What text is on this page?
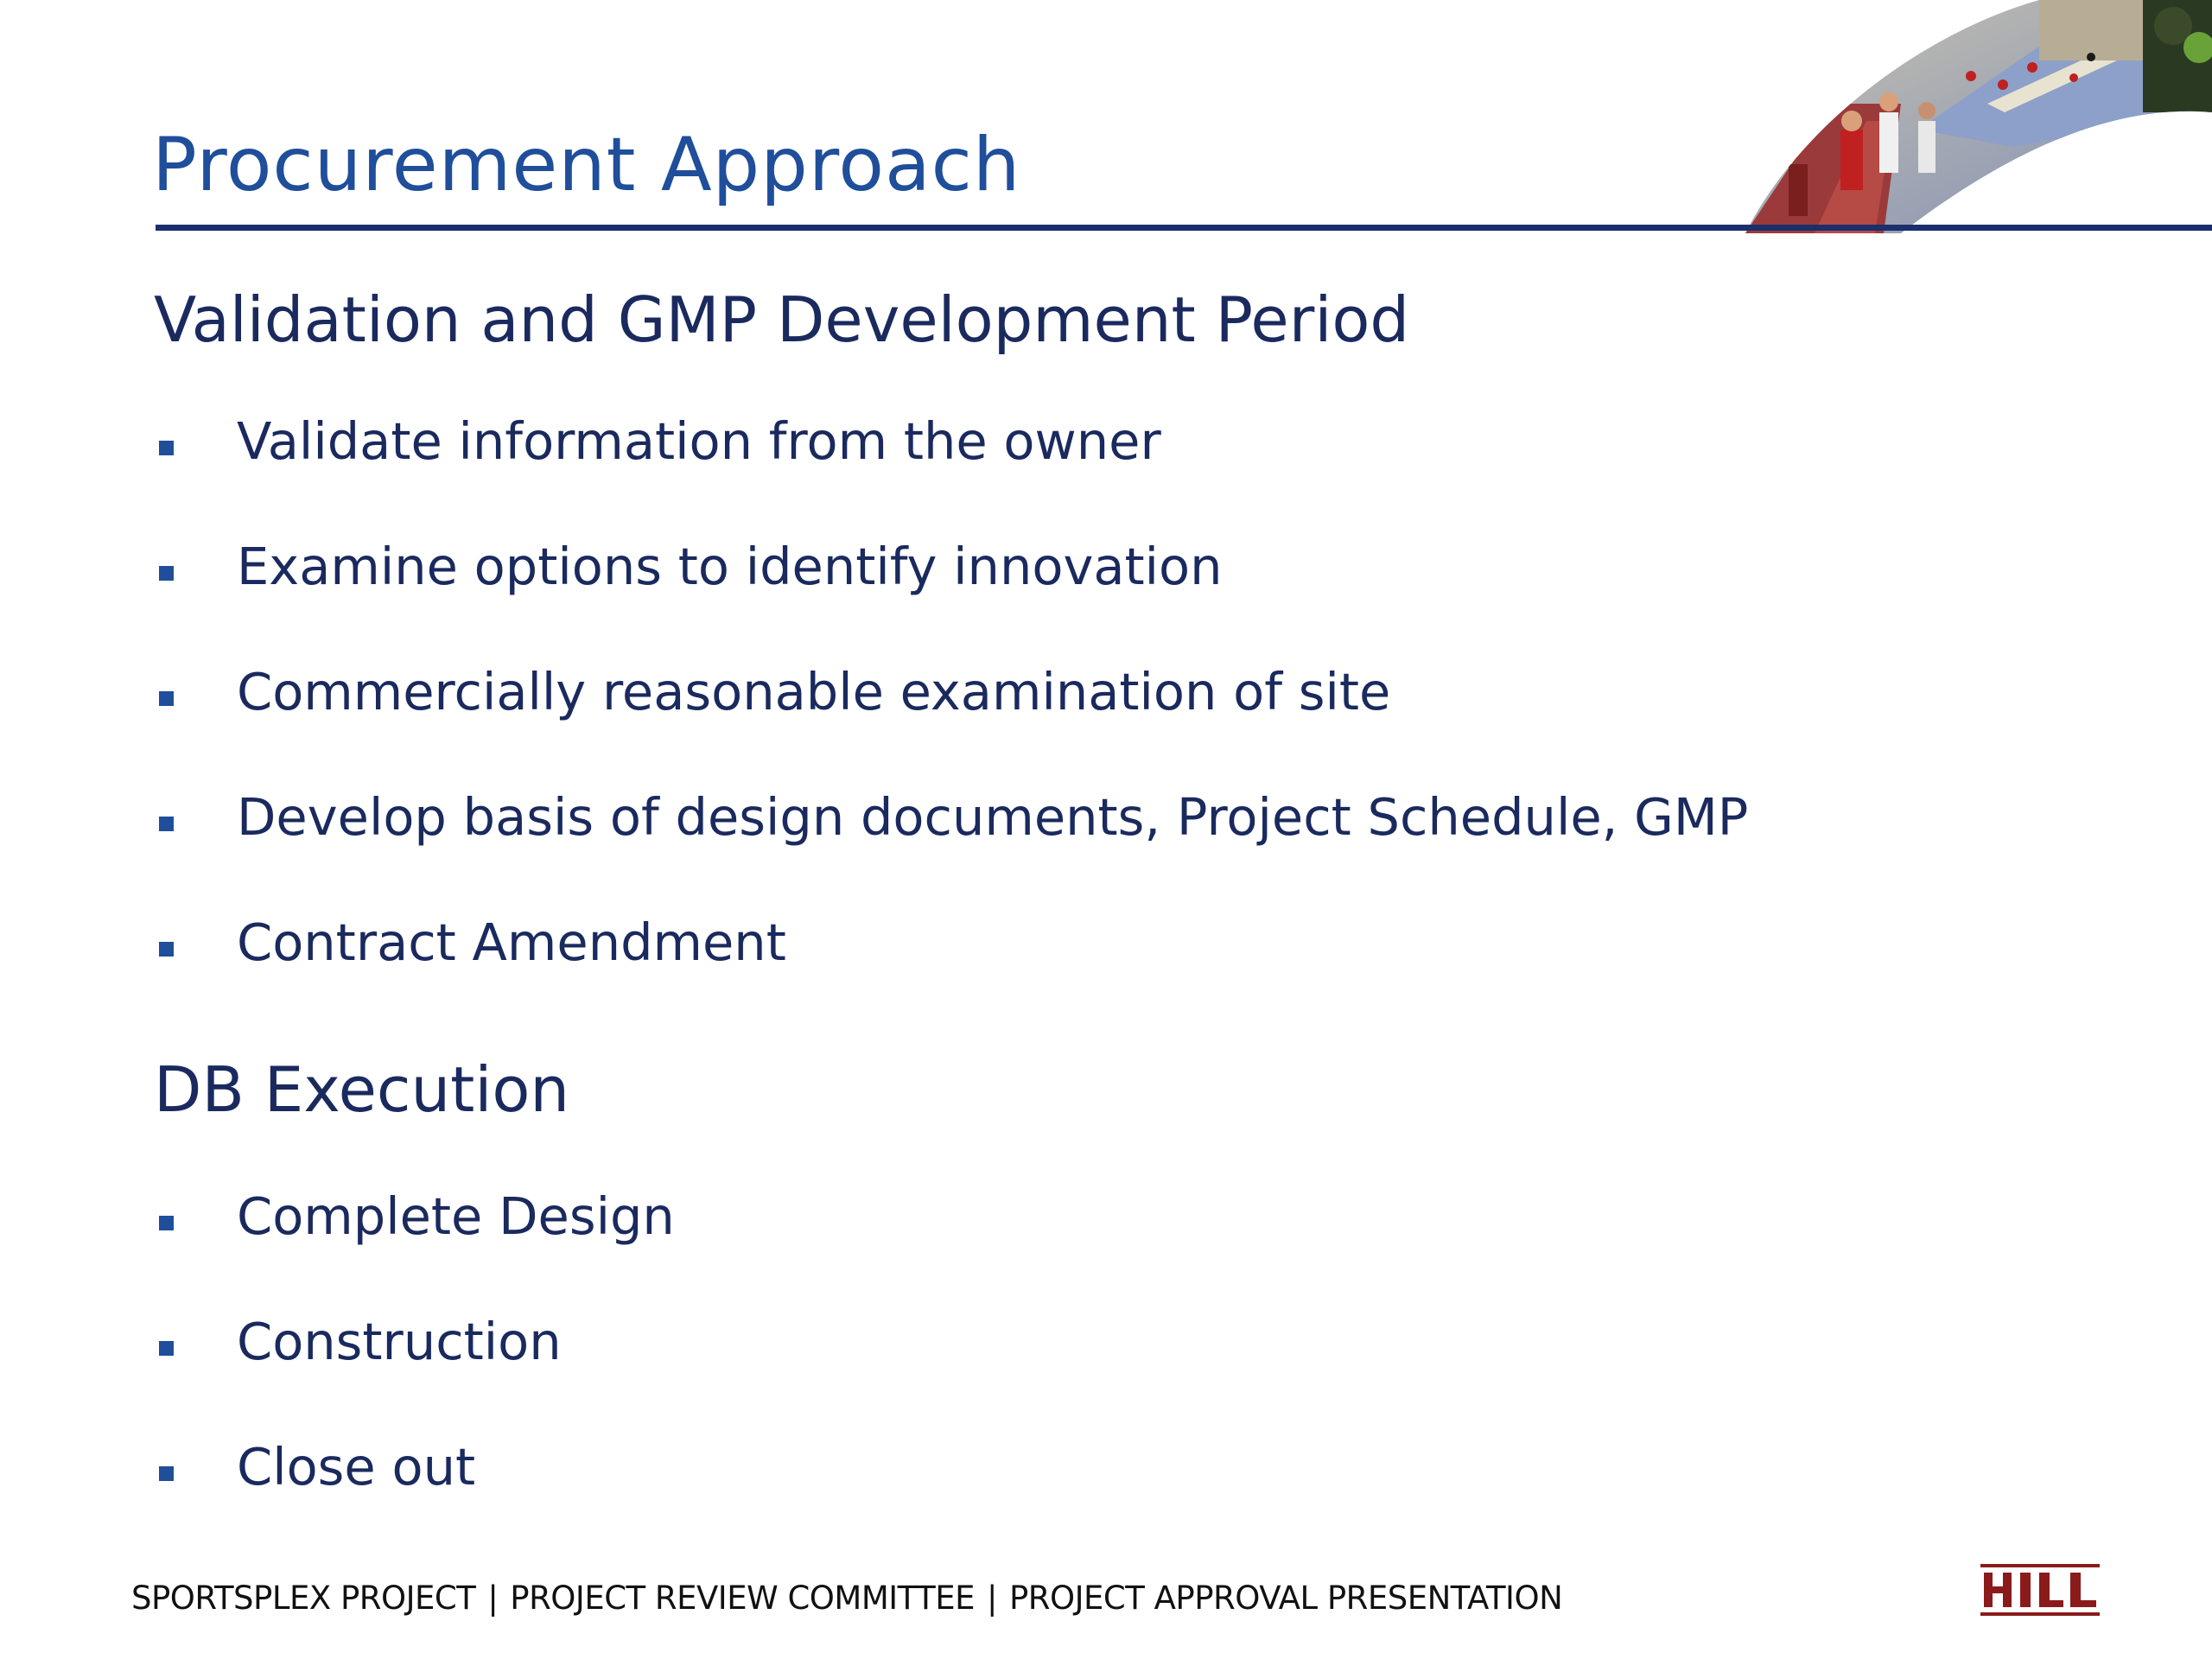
Procurement Approach
Validation and GMP Development Period
Validate information from the owner
Examine options to identify innovation
Commercially reasonable examination of site
Develop basis of design documents, Project Schedule, GMP
Contract Amendment
DB Execution
Complete Design
Construction
Close out
SPORTSPLEX PROJECT | PROJECT REVIEW COMMITTEE | PROJECT APPROVAL PRESENTATION
